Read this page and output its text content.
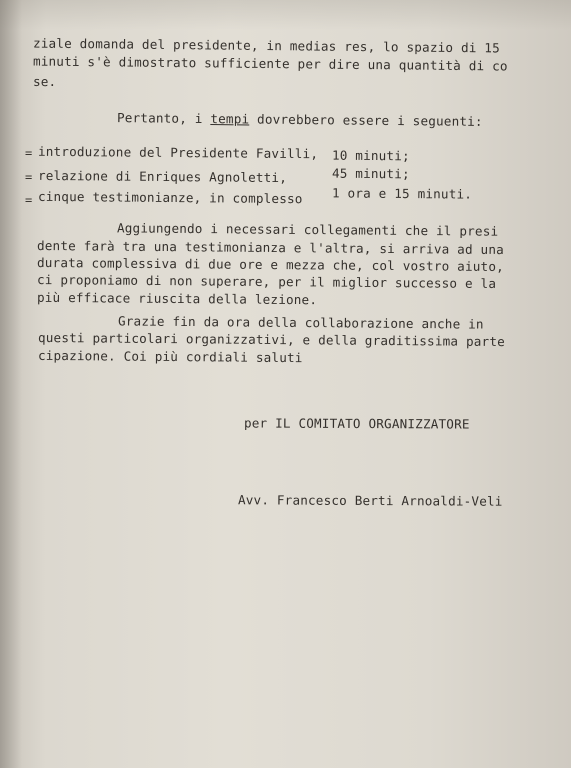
ziale domanda del presidente, in medias res, lo spazio di 15
minuti s'è dimostrato sufficiente per dire una quantità di co
se.
Pertanto, i tempi dovrebbero essere i seguenti:
= introduzione del Presidente Favilli, 10 minuti;
= relazione di Enriques Agnoletti,	45 minuti;
= cinque testimonianze, in complesso 1 ora e 15 minuti.
Aggiungendo i necessari collegamenti che il presi
dente farà tra una testimonianza e l'altra, si arriva ad una
durata complessiva di due ore e mezza che, col vostro aiuto,
ci proponiamo di non superare, per il miglior successo e la
più efficace riuscita della lezione.
Grazie fin da ora della collaborazione anche in
questi particolari organizzativi, e della graditissima parte
cipazione. Coi più cordiali saluti
per IL COMITATO ORGANIZZATORE
Avv. Francesco Berti Arnoaldi-Veli
